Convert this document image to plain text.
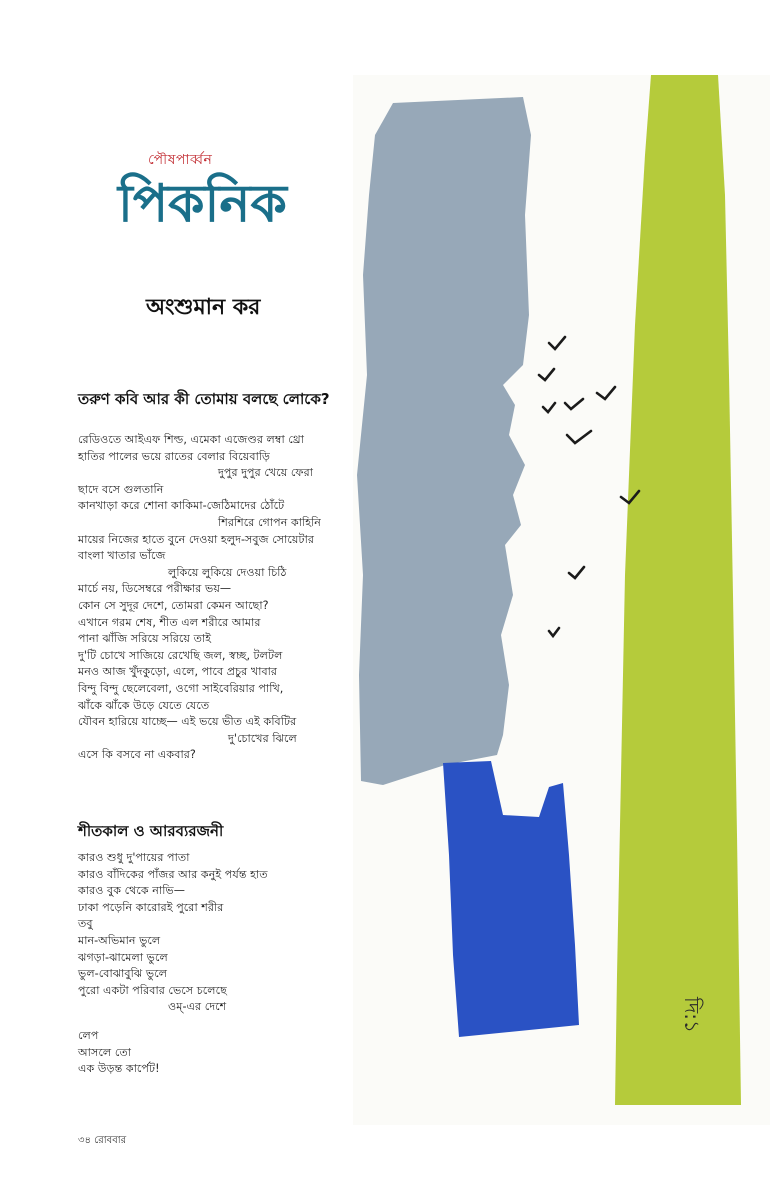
পৌষপাৰ্ব্বন
পিকনিক
অংশুমান কর
তরুণ কবি আর কী তোমায় বলছে লোকে?
রেডিওতে আইএফ শিল্ড, এমেকা এজেণ্ডর লম্বা থ্রো
হাতির পালের ভয়ে রাতের বেলার বিয়েবাড়ি
দুপুর দুপুর খেয়ে ফেরা
ছাদে বসে গুলতানি
কানখাড়া করে শোনা কাকিমা-জেঠিমাদের ঠোঁটে
শিরশিরে গোপন কাহিনি
মায়ের নিজের হাতে বুনে দেওয়া হলুদ-সবুজ সোয়েটার
বাংলা খাতার ভাঁজে
লুকিয়ে লুকিয়ে দেওয়া চিঠি
মার্চে নয়, ডিসেম্বরে পরীক্ষার ভয়—
কোন সে সুদূর দেশে, তোমরা কেমন আছো?
এখানে গরম শেষ, শীত এল শরীরে আমার
পানা ঝাঁজি সরিয়ে সরিয়ে তাই
দু'টি চোখে সাজিয়ে রেখেছি জল, স্বচ্ছ, টলটল
মনও আজ খুঁদকুড়ো, এলে, পাবে প্রচুর খাবার
বিন্দু বিন্দু ছেলেবেলা, ওগো সাইবেরিয়ার পাখি,
ঝাঁকে ঝাঁকে উড়ে যেতে যেতে
যৌবন হারিয়ে যাচ্ছে— এই ভয়ে ভীত এই কবিটির
দু'চোখের ঝিলে
এসে কি বসবে না একবার?
শীতকাল ও আরব্যরজনী
কারও শুধু দু'পায়ের পাতা
কারও বাঁদিকের পাঁজর আর কনুই পর্যন্ত হাত
কারও বুক থেকে নাভি—
ঢাকা পড়েনি কারোরই পুরো শরীর
তবু
মান-অভিমান ভুলে
ঝগড়া-ঝামেলা ভুলে
ভুল-বোঝাবুঝি ভুলে
পুরো একটা পরিবার ভেসে চলেছে
ওম্-এর দেশে
লেপ
আসলে তো
এক উড়ন্ত কার্পেট!
৩৪ রোববার
দি:১
